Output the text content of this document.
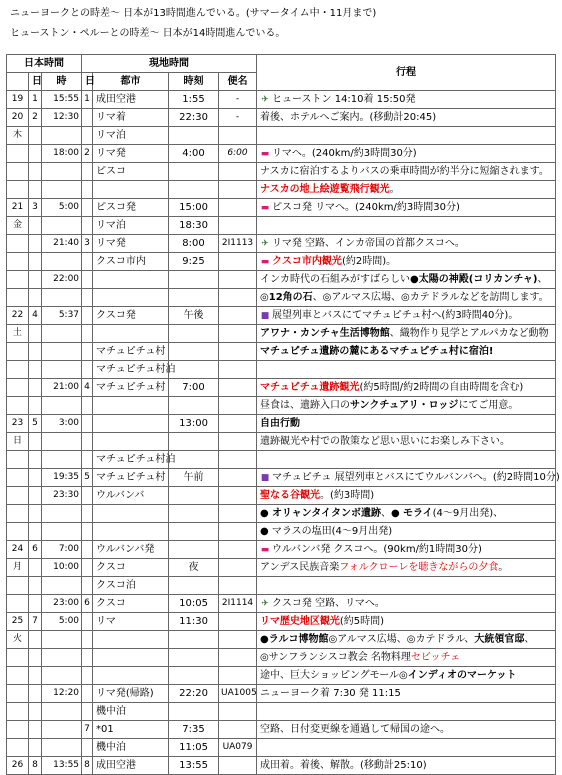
ニューヨークとの時差～ 日本が13時間進んでいる。(サマータイム中・11月まで)
ヒューストン・ペルーとの時差～ 日本が14時間進んでいる。
日本時間			現地時間				行程
	日	時	日	都市	時刻	便名	
19	1	15:55	1	成田空港	1:55	-	✈ ヒューストン 14:10着 15:50発
20	2	12:30		リマ着	22:30	-	着後、ホテルへご案内。(移動計20:45)
木				リマ泊			
		18:00	2	リマ発	4:00	6:00	▬ リマへ。(240km/約3時間30分)
				ピスコ			ナスカに宿泊するよりバスの乗車時間が約半分に短縮されます。
							ナスカの地上絵遊覧飛行観光。
21	3	5:00		ピスコ発	15:00		▬ ピスコ発 リマへ。(240km/約3時間30分)
金				リマ泊	18:30		
		21:40	3	リマ発	8:00	2I1113	✈ リマ発 空路、インカ帝国の首都クスコへ。
				クスコ市内	9:25		▬ クスコ市内観光(約2時間)。
		22:00					インカ時代の石組みがすばらしい●太陽の神殿(コリカンチャ)、
							◎12角の石、◎アルマス広場、◎カテドラルなどを訪問します。
22	4	5:37		クスコ発	午後		■ 展望列車とバスにてマチュピチュ村へ(約3時間40分)。
土							アワナ・カンチャ生活博物館、織物作り見学とアルパカなど動物
				マチュピチュ村			マチュピチュ遺跡の麓にあるマチュピチュ村に宿泊!
				マチュピチュ村泊			
		21:00	4	マチュピチュ村	7:00		マチュピチュ遺跡観光(約5時間/約2時間の自由時間を含む)
							昼食は、遺跡入口のサンクチュアリ・ロッジにてご用意。
23	5	3:00			13:00		自由行動
日							遺跡観光や村での散策など思い思いにお楽しみ下さい。
				マチュピチュ村泊			
		19:35	5	マチュピチュ村	午前		■ マチュピチュ 展望列車とバスにてウルバンバへ。(約2時間10分)
		23:30		ウルバンバ			聖なる谷観光。(約3時間)
							● オリャンタイタンボ遺跡、● モライ(4～9月出発)、
							● マラスの塩田(4～9月出発)
24	6	7:00		ウルバンバ発			▬ ウルバンバ発 クスコへ。(90km/約1時間30分)
月		10:00		クスコ	夜		アンデス民族音楽フォルクローレを聴きながらの夕食。
				クスコ泊			
		23:00	6	クスコ	10:05	2I1114	✈ クスコ発 空路、リマへ。
25	7	5:00		リマ	11:30		リマ歴史地区観光(約5時間)
火							●ラルコ博物館◎アルマス広場、◎カテドラル、大統領官邸、
							◎サンフランシスコ教会 名物料理セビッチェ
							途中、巨大ショッピングモール◎インディオのマーケット
		12:20		リマ発(帰路)	22:20	UA1005	ニューヨーク着 7:30 発 11:15
				機中泊			
			7	*01	7:35		空路、日付変更線を通過して帰国の途へ。
				機中泊	11:05	UA079	
26	8	13:55	8	成田空港	13:55		成田着。着後、解散。(移動計25:10)
